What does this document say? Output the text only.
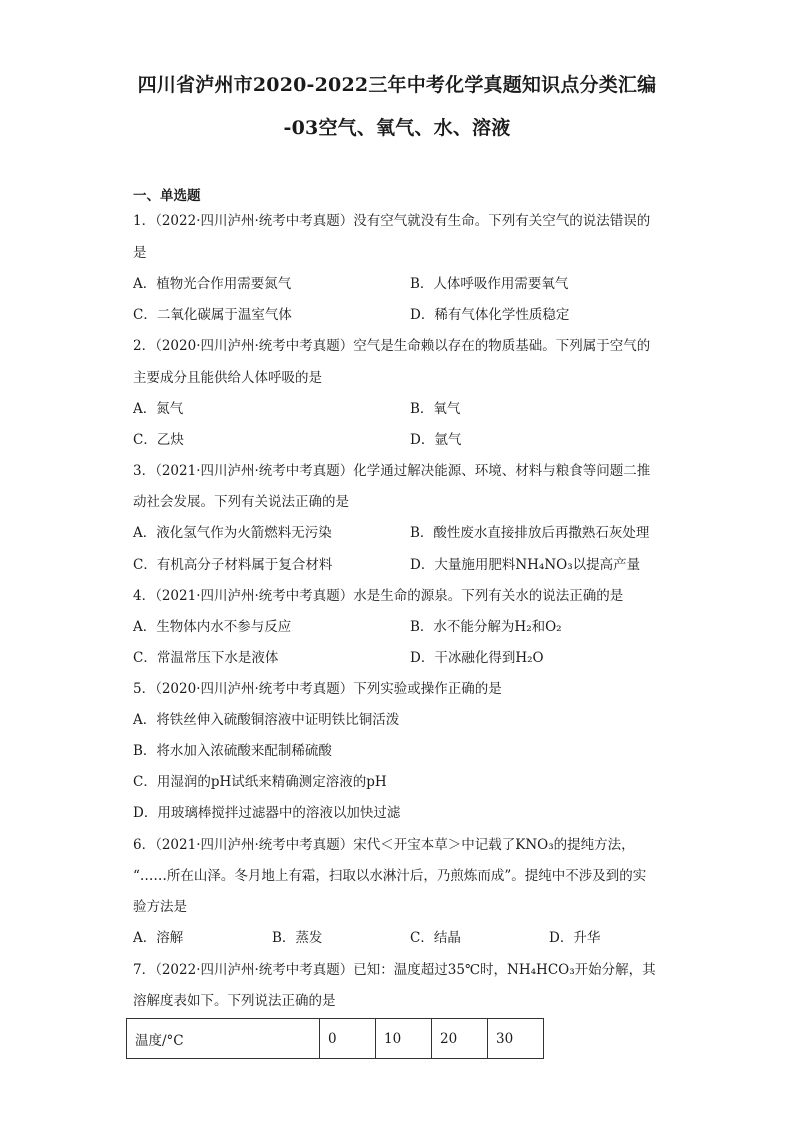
四川省泸州市2020-2022三年中考化学真题知识点分类汇编
-03空气、氧气、水、溶液
一、单选题
1．（2022·四川泸州·统考中考真题）没有空气就没有生命。下列有关空气的说法错误的
是
A．植物光合作用需要氮气	B．人体呼吸作用需要氧气
C．二氧化碳属于温室气体	D．稀有气体化学性质稳定
2．（2020·四川泸州·统考中考真题）空气是生命赖以存在的物质基础。下列属于空气的
主要成分且能供给人体呼吸的是
A．氮气	B．氧气
C．乙炔	D．氩气
3．（2021·四川泸州·统考中考真题）化学通过解决能源、环境、材料与粮食等问题二推
动社会发展。下列有关说法正确的是
A．液化氢气作为火箭燃料无污染	B．酸性废水直接排放后再撒熟石灰处理
C．有机高分子材料属于复合材料	D．大量施用肥料NH₄NO₃以提高产量
4．（2021·四川泸州·统考中考真题）水是生命的源泉。下列有关水的说法正确的是
A．生物体内水不参与反应	B．水不能分解为H₂和O₂
C．常温常压下水是液体	D．干冰融化得到H₂O
5．（2020·四川泸州·统考中考真题）下列实验或操作正确的是
A．将铁丝伸入硫酸铜溶液中证明铁比铜活泼
B．将水加入浓硫酸来配制稀硫酸
C．用湿润的pH试纸来精确测定溶液的pH
D．用玻璃棒搅拌过滤器中的溶液以加快过滤
6．（2021·四川泸州·统考中考真题）宋代＜开宝本草＞中记载了KNO₃的提纯方法，
“……所在山泽。冬月地上有霜，扫取以水淋汁后，乃煎炼而成”。提纯中不涉及到的实
验方法是
A．溶解	B．蒸发	C．结晶	D．升华
7．（2022·四川泸州·统考中考真题）已知：温度超过35℃时，NH₄HCO₃开始分解，其
溶解度表如下。下列说法正确的是
温度/°C	0	10	20	30
